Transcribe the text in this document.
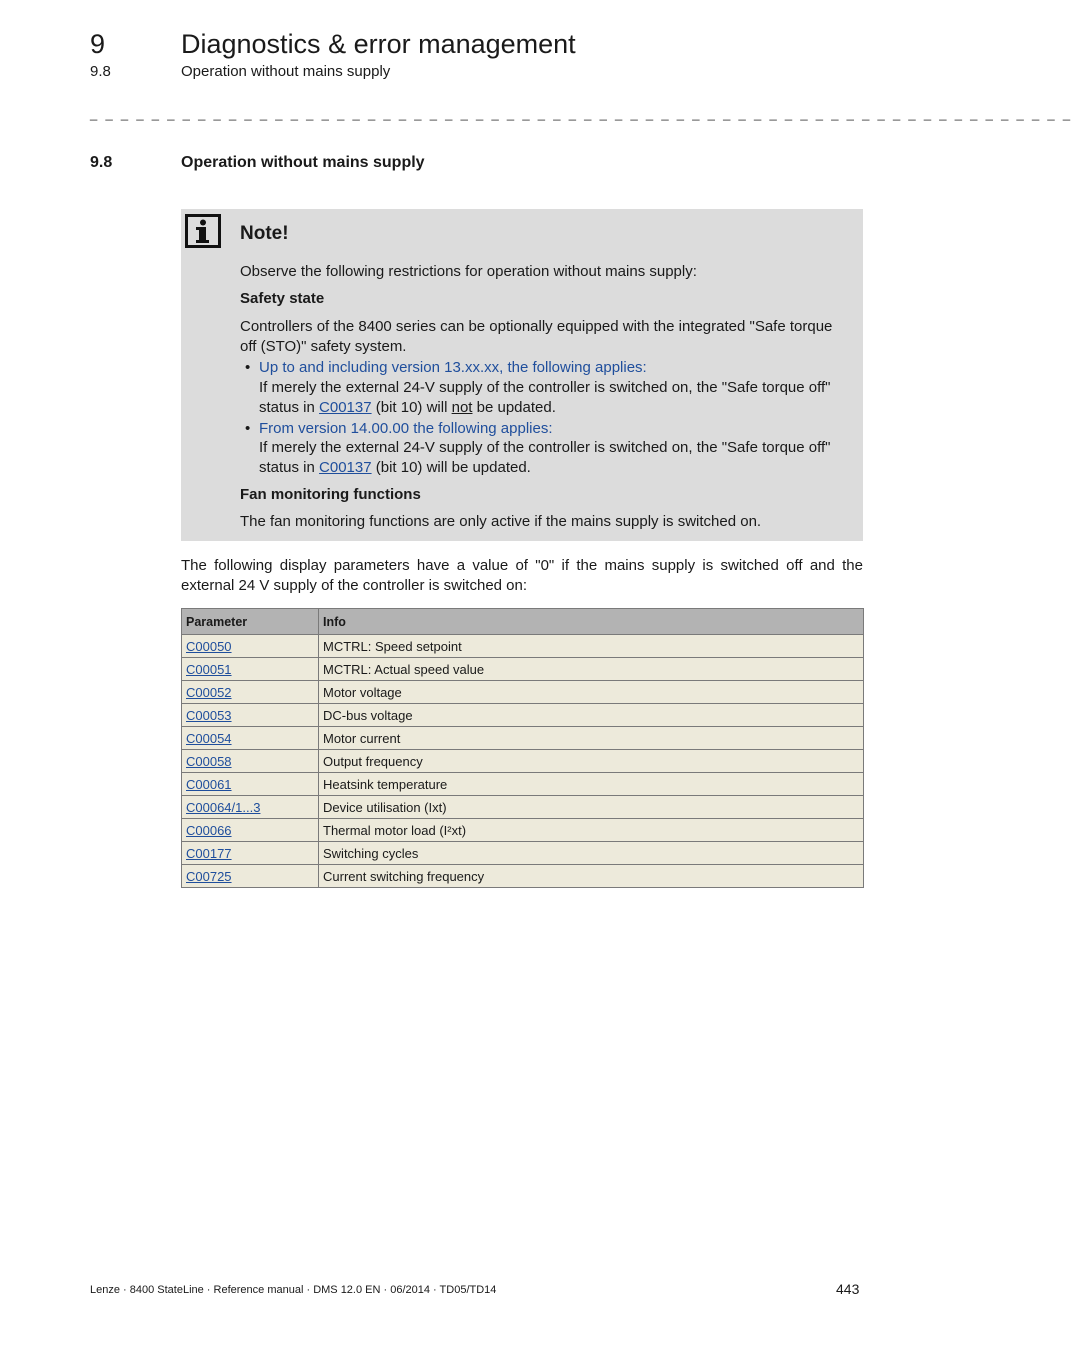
9	Diagnostics & error management
9.8	Operation without mains supply
_ _ _ _ _ _ _ _ _ _ _ _ _ _ _ _ _ _ _ _ _ _ _ _ _ _ _ _ _ _ _ _ _ _ _ _ _ _ _ _ _ _ _ _ _ _ _ _ _ _ _ _ _ _ _ _ _ _ _ _ _ _ _ _
9.8	Operation without mains supply
Note!
Observe the following restrictions for operation without mains supply:
Safety state
Controllers of the 8400 series can be optionally equipped with the integrated "Safe torque off (STO)" safety system.
• Up to and including version 13.xx.xx, the following applies:
If merely the external 24-V supply of the controller is switched on, the "Safe torque off" status in C00137 (bit 10) will not be updated.
• From version 14.00.00 the following applies:
If merely the external 24-V supply of the controller is switched on, the "Safe torque off" status in C00137 (bit 10) will be updated.
Fan monitoring functions
The fan monitoring functions are only active if the mains supply is switched on.
The following display parameters have a value of "0" if the mains supply is switched off and the external 24 V supply of the controller is switched on:
Parameter	Info
C00050	MCTRL: Speed setpoint
C00051	MCTRL: Actual speed value
C00052	Motor voltage
C00053	DC-bus voltage
C00054	Motor current
C00058	Output frequency
C00061	Heatsink temperature
C00064/1...3	Device utilisation (Ixt)
C00066	Thermal motor load (I²xt)
C00177	Switching cycles
C00725	Current switching frequency
Lenze · 8400 StateLine · Reference manual · DMS 12.0 EN · 06/2014 · TD05/TD14	443
